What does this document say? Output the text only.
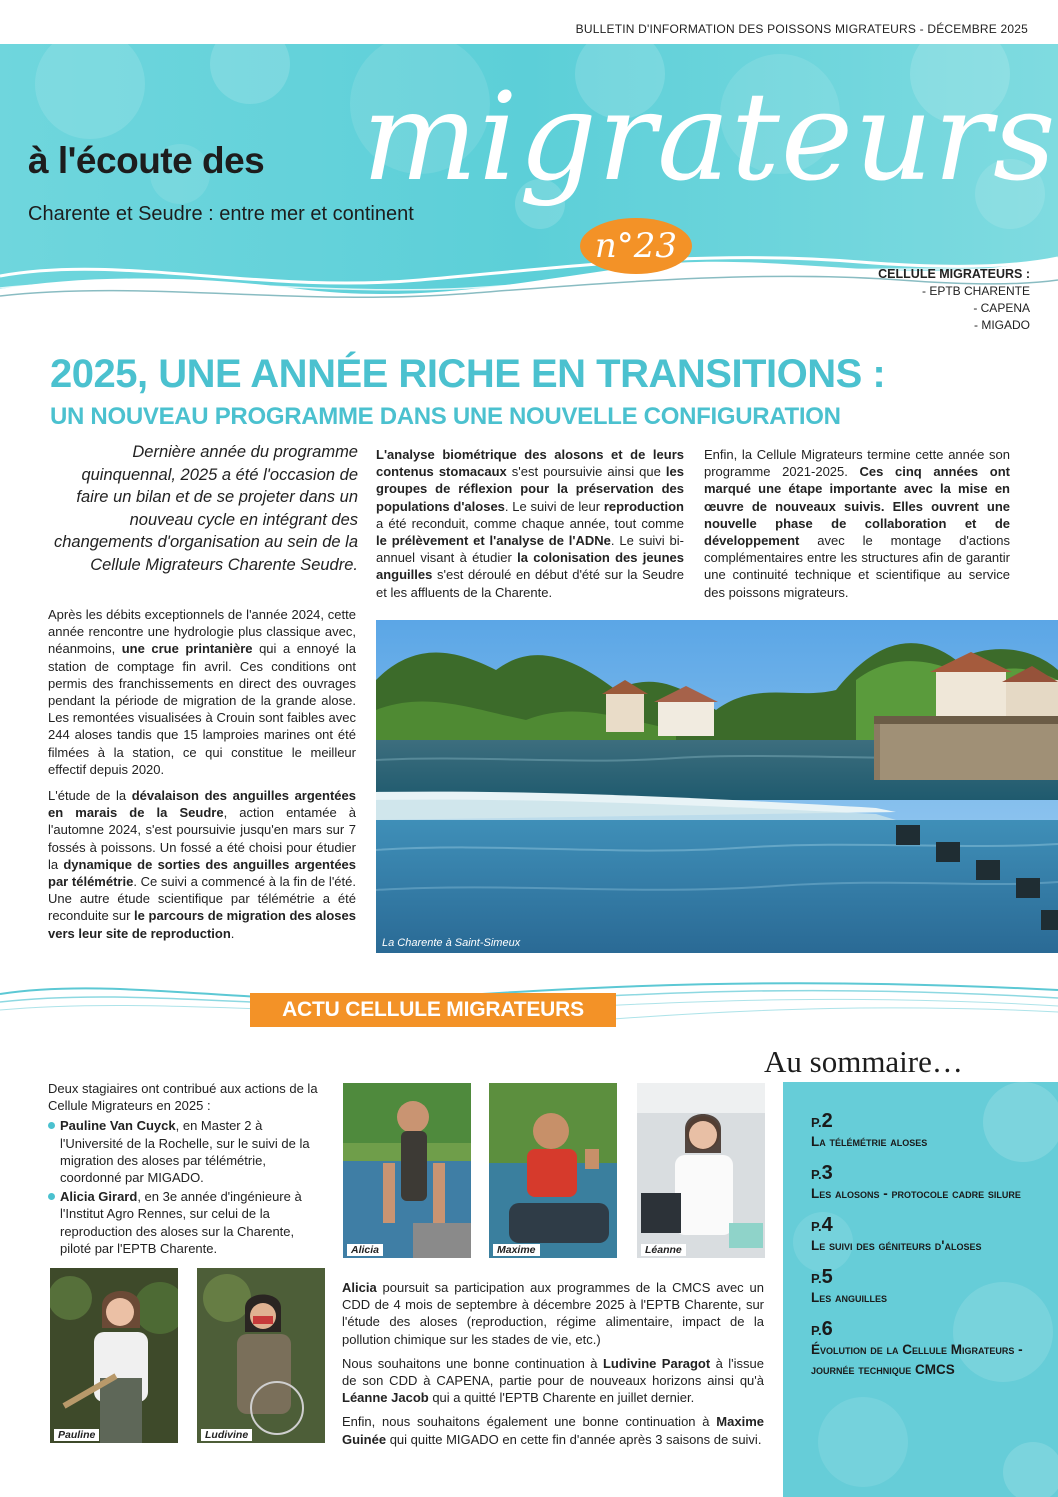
BULLETIN D'INFORMATION DES POISSONS MIGRATEURS - DÉCEMBRE 2025
à l'écoute des migrateurs
Charente et Seudre : entre mer et continent
n°23
CELLULE MIGRATEURS :
- EPTB CHARENTE
- CAPENA
- MIGADO
2025, UNE ANNÉE RICHE EN TRANSITIONS :
UN NOUVEAU PROGRAMME DANS UNE NOUVELLE CONFIGURATION
Dernière année du programme quinquennal, 2025 a été l'occasion de faire un bilan et de se projeter dans un nouveau cycle en intégrant des changements d'organisation au sein de la Cellule Migrateurs Charente Seudre.

Après les débits exceptionnels de l'année 2024, cette année rencontre une hydrologie plus classique avec, néanmoins, une crue printanière qui a ennoyé la station de comptage fin avril. Ces conditions ont permis des franchissements en direct des ouvrages pendant la période de migration de la grande alose. Les remontées visualisées à Crouin sont faibles avec 244 aloses tandis que 15 lamproies marines ont été filmées à la station, ce qui constitue le meilleur effectif depuis 2020.

L'étude de la dévalaison des anguilles argentées en marais de la Seudre, action entamée à l'automne 2024, s'est poursuivie jusqu'en mars sur 7 fossés à poissons. Un fossé a été choisi pour étudier la dynamique de sorties des anguilles argentées par télémétrie. Ce suivi a commencé à la fin de l'été. Une autre étude scientifique par télémétrie a été reconduite sur le parcours de migration des aloses vers leur site de reproduction.

L'analyse biométrique des alosons et de leurs contenus stomacaux s'est poursuivie ainsi que les groupes de réflexion pour la préservation des populations d'aloses. Le suivi de leur reproduction a été reconduit, comme chaque année, tout comme le prélèvement et l'analyse de l'ADNe. Le suivi bi-annuel visant à étudier la colonisation des jeunes anguilles s'est déroulé en début d'été sur la Seudre et les affluents de la Charente.

Enfin, la Cellule Migrateurs termine cette année son programme 2021-2025. Ces cinq années ont marqué une étape importante avec la mise en œuvre de nouveaux suivis. Elles ouvrent une nouvelle phase de collaboration et de développement avec le montage d'actions complémentaires entre les structures afin de garantir une continuité technique et scientifique au service des poissons migrateurs.

La Charente à Saint-Simeux
ACTU CELLULE MIGRATEURS
Deux stagiaires ont contribué aux actions de la Cellule Migrateurs en 2025 :
Pauline Van Cuyck, en Master 2 à l'Université de la Rochelle, sur le suivi de la migration des aloses par télémétrie, coordonné par MIGADO.
Alicia Girard, en 3e année d'ingénieure à l'Institut Agro Rennes, sur celui de la reproduction des aloses sur la Charente, piloté par l'EPTB Charente.	Alicia	Maxime	Léanne
Pauline	Ludivine

Alicia poursuit sa participation aux programmes de la CMCS avec un CDD de 4 mois de septembre à décembre 2025 à l'EPTB Charente, sur l'étude des aloses (reproduction, régime alimentaire, impact de la pollution chimique sur les stades de vie, etc.)

Nous souhaitons une bonne continuation à Ludivine Paragot à l'issue de son CDD à CAPENA, partie pour de nouveaux horizons ainsi qu'à Léanne Jacob qui a quitté l'EPTB Charente en juillet dernier.

Enfin, nous souhaitons également une bonne continuation à Maxime Guinée qui quitte MIGADO en cette fin d'année après 3 saisons de suivi.

Au sommaire…
P.2
La télémétrie aloses
P.3
Les alosons - protocole cadre silure
P.4
Le suivi des géniteurs d'aloses
P.5
Les anguilles
P.6
Évolution de la Cellule Migrateurs - journée technique CMCS
